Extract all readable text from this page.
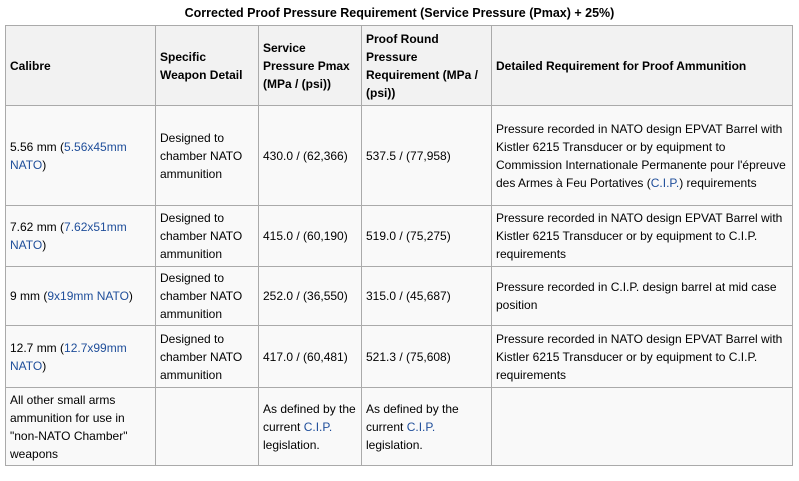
Corrected Proof Pressure Requirement (Service Pressure (Pmax) + 25%)
Calibre	Specific Weapon Detail	Service Pressure Pmax (MPa / (psi))	Proof Round Pressure Requirement (MPa / (psi))	Detailed Requirement for Proof Ammunition
5.56 mm (5.56x45mm NATO)	Designed to chamber NATO ammunition	430.0 / (62,366)	537.5 / (77,958)	Pressure recorded in NATO design EPVAT Barrel with Kistler 6215 Transducer or by equipment to Commission Internationale Permanente pour l'épreuve des Armes à Feu Portatives (C.I.P.) requirements
7.62 mm (7.62x51mm NATO)	Designed to chamber NATO ammunition	415.0 / (60,190)	519.0 / (75,275)	Pressure recorded in NATO design EPVAT Barrel with Kistler 6215 Transducer or by equipment to C.I.P. requirements
9 mm (9x19mm NATO)	Designed to chamber NATO ammunition	252.0 / (36,550)	315.0 / (45,687)	Pressure recorded in C.I.P. design barrel at mid case position
12.7 mm (12.7x99mm NATO)	Designed to chamber NATO ammunition	417.0 / (60,481)	521.3 / (75,608)	Pressure recorded in NATO design EPVAT Barrel with Kistler 6215 Transducer or by equipment to C.I.P. requirements
All other small arms ammunition for use in "non-NATO Chamber" weapons		As defined by the current C.I.P. legislation.	As defined by the current C.I.P. legislation.	
